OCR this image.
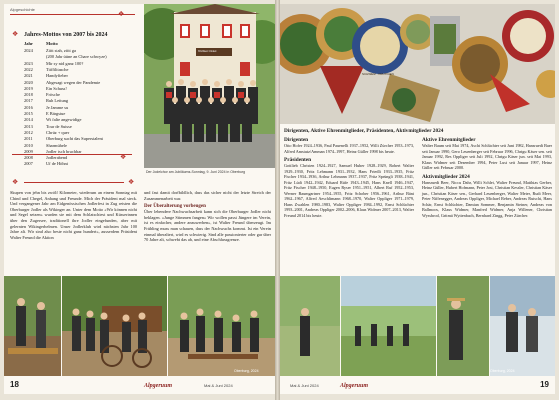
Alpgeschichte
❖
❖ Jahres-Mottos von 2007 bis 2024
Jahr	Motto
2024	Ziitt stah, ziitt ga
(200 Jahr üüne an Chare schwyze)
2023	Mir sy nid ganz 100?
2022	Tiiffilitasche
2021	Handyfieber
2020	Abgesagt wegen der Pandemie
2019	Ein Schuss!
2018	Frösche
2017	Ruh Leitung
2016	Je Jamme su
2015	E Bärgstue
2014	Wi falte angewidige
2013	Tour de Suisse
2012	Chrüz + quer
2011	Oberburg sucht das Superstalent
2010	Sharmühele
2009	Jodler isch bruchbar
2008	Jodlerabend
2007	Uf de Höhni
❖
Walliser Chalet
Der Jodelchor am Jubiläums-Sonntag, 9. Juni 2024 in Oberburg
❖	❖
Skupen von jehn bis zwölf Kilometer, wiederum an einem Sonntag mit Chind und Chegel, Anhang und Freunde. Mich der Präsident mal steck. Und vergangener Jahr am Eidgenössischen Jodlerfest in Zug reisten die Oberburger Jodler als Wikinger an. Unter dem Motto «Wir können nicht und Segel setzen» wurden sie mit dem Schlatschiest und Küsserinnen über den Zugersee, traditionell ihre Jodler eingefunden, aber mit gelernten Wikingerhelmen. Unser Jodlerklub wird nächsten Jahr 100 Jahre alt. Wir sind also beste nicht ganz hundert», ausserdem Präsident Walter Freund die Aktion
und fast damit dorfbildlich, dass das sicher nicht der letzte Streich der Zusammenarbeit war.
Der Überalterung vorbeugen
Über lebendere Nachwuchsarbeit kann sich die Oberburger Jodler nicht beklagen. «Junge Stimmen fangen» Wir wollen passt Jüngere im Verein, ist es einfacher, andere anzuwerben», ist Walter Freund überzeugt. Im Frühling muss man schauen, dass der Nachwuchs kommt. Ist ein Verein einmal überaltert, wird es schwierig. Sind alle passionierter oder gar über 70 Jahre alt, schwebt das ab, und eine Abschlussgrenze.
Oberburg, 2024
18	Mai & Juni 2024
Alpgeruum
SCHWEIZ · FRUTIGEN
Dirigenten, Aktive Ehrenmitglieder, Präsidenten, Aktivmitglieder 2024
Dirigenten
Otto Hofer 1924–1936, Paul Pauenelli 1937–1952, Willi Zürcher 1953–1973, Alfred Amstutz/Amman 1974–1997, Heinz Güller 1998 bis heute.
Präsidenten
Gottlieb Christen 1924–1927, Samuel Huber 1928–1929, Robert Walter 1929–1930, Fritz Lehmann 1931–1932, Hans Friedli 1933–1935, Fritz Fischer 1934–1936, Arthur Lehmann 1937–1937, Fritz Sprüngli 1938–1941, Fritz Lüdi 1942–1942, Eduard Rüfe 1943–1945, Hans Knell 1946–1947, Fritz Fischer 1948–1950, Eugen Ryser 1951–1951, Albert Ruf 1952–1953, Werner Baumgartner 1954–1955, Fritz Schober 1956–1961, Arthur Bäni 1962–1967, Alfred Aeschlimann 1968–1970, Walter Oppliger 1971–1979, Hans Zwahlen 1980–1983, Walter Oppliger 1984–1992, Ernst Schlüchter 1993–2001, Andreas Oppliger 2002–2006, Klaus Widmer 2007–2013, Walter Freund 2014 bis heute.
Aktive Ehrenmitglieder
Walter Baum seit Mai 1974, Aschi Schlüchter seit Juni 1982, Hansruedi Baer seit Januar 1990, Gero Leuenberger seit Februar 1996, Chrigu Käser sen. seit Januar 1992, Res Oppliger seit Juli 1992, Chrigu Käser jun. seit Mai 1993, Klaus Widmer seit Dezember 1994, Peter Lust seit Januar 1997, Heinz Güller seit Februar 2000.
Aktivmitglieder 2024
Hansruedi Beer, Niccu Dahr, Willi Schlei, Walter Freund, Matthias Gerber, Heinz Güller, Hubert Hofmann, Peter Jost, Christian Kessler, Christian Käser jun., Christian Käser sen., Gerhard Leuenberger, Walter Meier, Rudi Meer, Peter Niffenegger, Andreas Oppliger, Michael Reber, Andreas Rutschi, Hans Schär, Ernst Schlüchter, Damian Sommer, Benjamin Steiner, Andreas von Ballmoos, Klaus Widmer, Manfred Widmer, Anja Willener, Christian Wyssbrod, Gritmä Wyttenbach, Bernhard Zingg, Peter Zürcher.
Oberburg, 2024
Mai & Juni 2024	Alpgeruum	19
